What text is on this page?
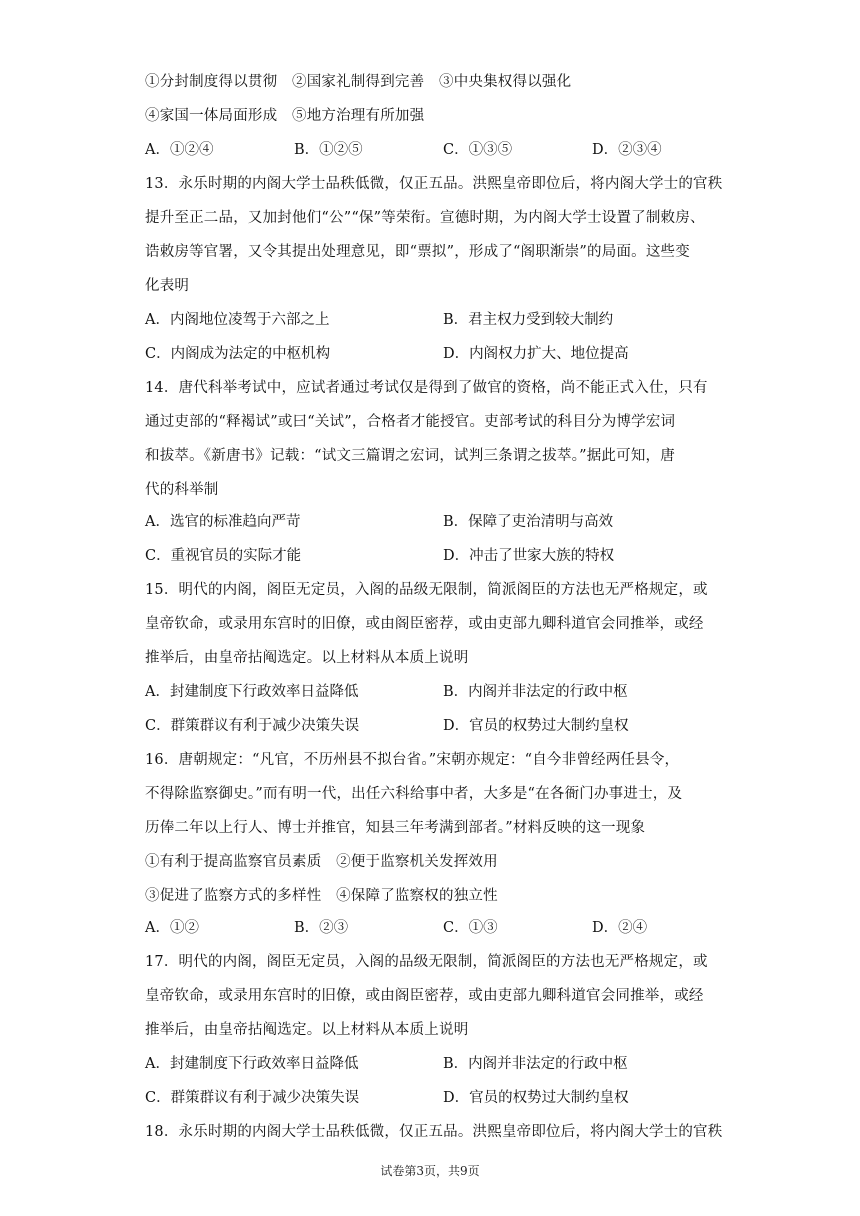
①分封制度得以贯彻　②国家礼制得到完善　③中央集权得以强化
④家国一体局面形成　⑤地方治理有所加强
A．①②④	B．①②⑤	C．①③⑤	D．②③④
13．永乐时期的内阁大学士品秩低微，仅正五品。洪熙皇帝即位后，将内阁大学士的官秩
提升至正二品，又加封他们“公”“保”等荣衔。宣德时期，为内阁大学士设置了制敕房、
诰敕房等官署，又令其提出处理意见，即“票拟”，形成了“阁职渐崇”的局面。这些变
化表明
A．内阁地位凌驾于六部之上	B．君主权力受到较大制约
C．内阁成为法定的中枢机构	D．内阁权力扩大、地位提高
14．唐代科举考试中，应试者通过考试仅是得到了做官的资格，尚不能正式入仕，只有
通过吏部的“释褐试”或曰“关试”，合格者才能授官。吏部考试的科目分为博学宏词
和拔萃。《新唐书》记载：“试文三篇谓之宏词，试判三条谓之拔萃。”据此可知，唐
代的科举制
A．选官的标准趋向严苛	B．保障了吏治清明与高效
C．重视官员的实际才能	D．冲击了世家大族的特权
15．明代的内阁，阁臣无定员，入阁的品级无限制，简派阁臣的方法也无严格规定，或
皇帝钦命，或录用东宫时的旧僚，或由阁臣密荐，或由吏部九卿科道官会同推举，或经
推举后，由皇帝拈阄选定。以上材料从本质上说明
A．封建制度下行政效率日益降低	B．内阁并非法定的行政中枢
C．群策群议有利于减少决策失误	D．官员的权势过大制约皇权
16．唐朝规定：“凡官，不历州县不拟台省。”宋朝亦规定：“自今非曾经两任县令，
不得除监察御史。”而有明一代，出任六科给事中者，大多是“在各衙门办事进士，及
历俸二年以上行人、博士并推官，知县三年考满到部者。”材料反映的这一现象
①有利于提高监察官员素质　②便于监察机关发挥效用
③促进了监察方式的多样性　④保障了监察权的独立性
A．①②	B．②③	C．①③	D．②④
17．明代的内阁，阁臣无定员，入阁的品级无限制，简派阁臣的方法也无严格规定，或
皇帝钦命，或录用东宫时的旧僚，或由阁臣密荐，或由吏部九卿科道官会同推举，或经
推举后，由皇帝拈阄选定。以上材料从本质上说明
A．封建制度下行政效率日益降低	B．内阁并非法定的行政中枢
C．群策群议有利于减少决策失误	D．官员的权势过大制约皇权
18．永乐时期的内阁大学士品秩低微，仅正五品。洪熙皇帝即位后，将内阁大学士的官秩
试卷第3页，共9页
